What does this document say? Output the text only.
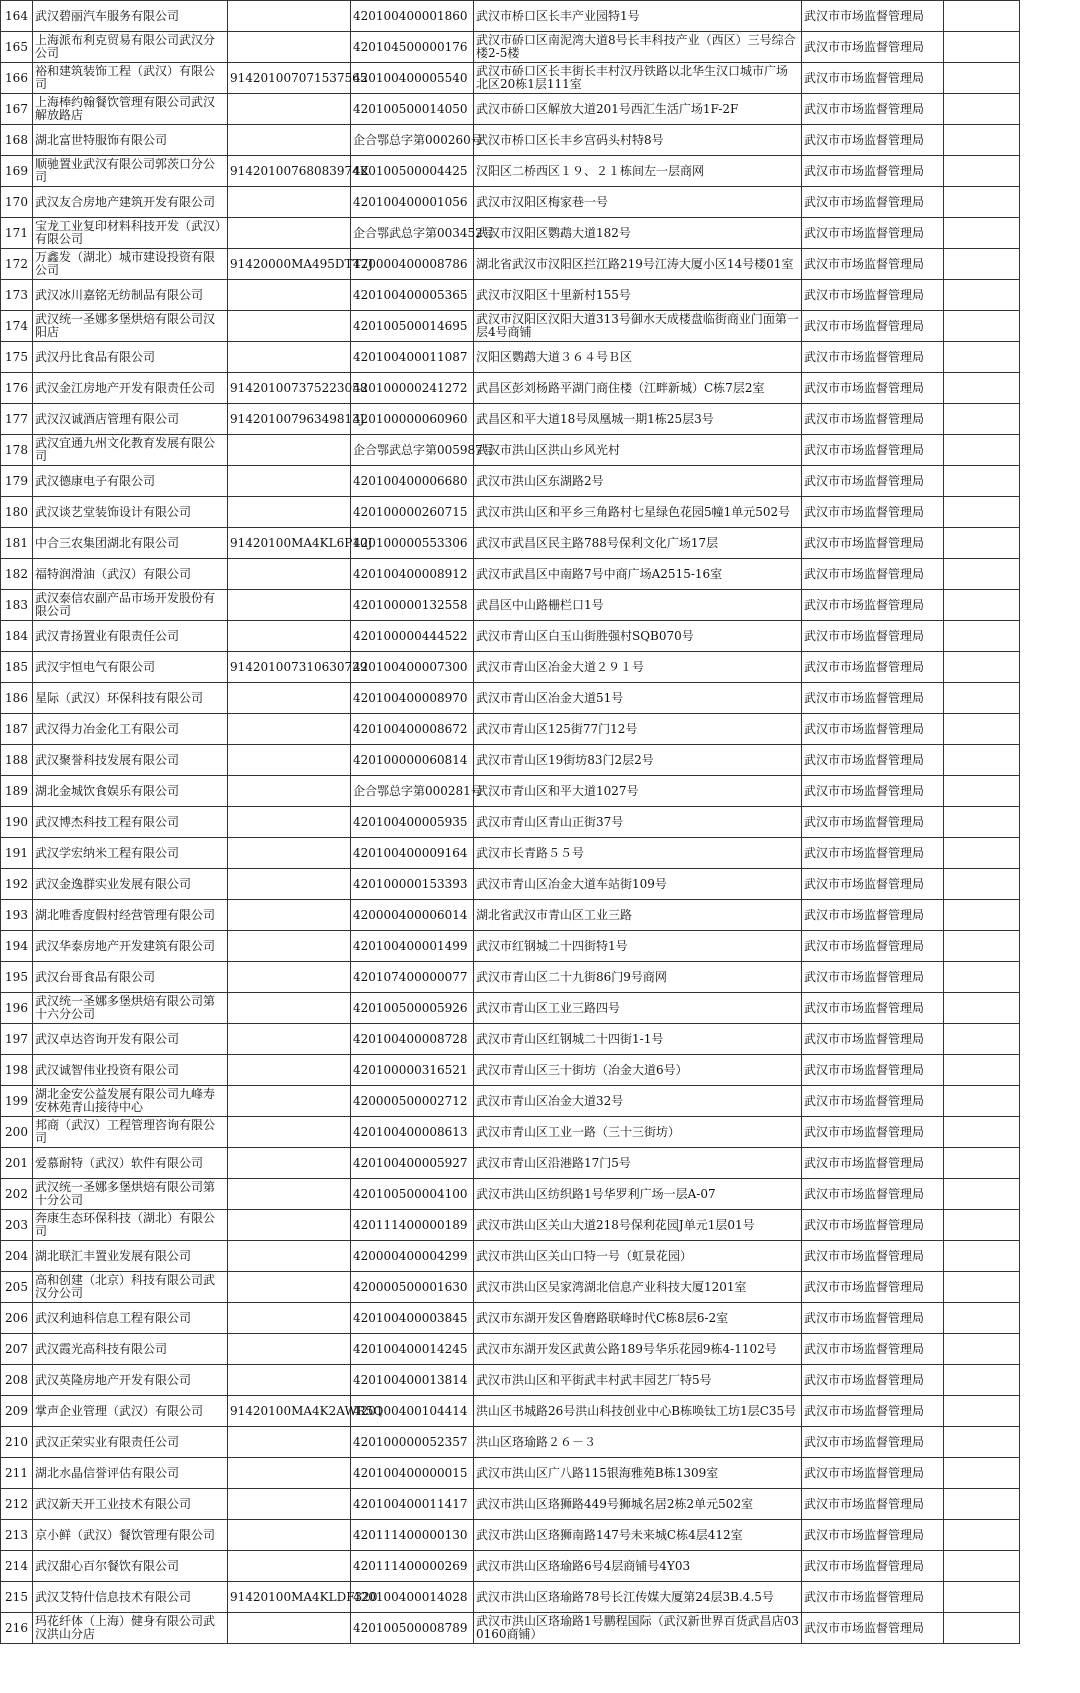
164	武汉碧丽汽车服务有限公司		420100400001860	武汉市桥口区长丰产业园特1号	武汉市市场监督管理局	
165	上海派布利克贸易有限公司武汉分公司		420104500000176	武汉市硚口区南泥湾大道8号长丰科技产业（西区）三号综合楼2-5楼	武汉市市场监督管理局	
166	裕和建筑装饰工程（武汉）有限公司	914201007071537565	420100400005540	武汉市硚口区长丰街长丰村汉丹铁路以北华生汉口城市广场北区20栋1层111室	武汉市市场监督管理局	
167	上海棒约翰餐饮管理有限公司武汉解放路店		420100500014050	武汉市硚口区解放大道201号西汇生活广场1F-2F	武汉市市场监督管理局	
168	湖北富世特服饰有限公司		企合鄂总字第000260号	武汉市桥口区长丰乡宫码头村特8号	武汉市市场监督管理局	
169	顺驰置业武汉有限公司郭茨口分公司	91420100768083974K	420100500004425	汉阳区二桥西区１９、２１栋间左一层商网	武汉市市场监督管理局	
170	武汉友合房地产建筑开发有限公司		420100400001056	武汉市汉阳区梅家巷一号	武汉市市场监督管理局	
171	宝龙工业复印材料科技开发（武汉）有限公司		企合鄂武总字第003452号	武汉市汉阳区鹦鹉大道182号	武汉市市场监督管理局	
172	万鑫发（湖北）城市建设投资有限公司	91420000MA495DTT7J	420000400008786	湖北省武汉市汉阳区拦江路219号江涛大厦小区14号楼01室	武汉市市场监督管理局	
173	武汉冰川嘉铭无纺制品有限公司		420100400005365	武汉市汉阳区十里新村155号	武汉市市场监督管理局	
174	武汉统一圣娜多堡烘焙有限公司汉阳店		420100500014695	武汉市汉阳区汉阳大道313号御水天成楼盘临街商业门面第一层4号商铺	武汉市市场监督管理局	
175	武汉丹比食品有限公司		420100400011087	汉阳区鹦鹉大道３６４号Ｂ区	武汉市市场监督管理局	
176	武汉金江房地产开发有限责任公司	914201007375223058	420100000241272	武昌区彭刘杨路平湖门商住楼（江畔新城）C栋7层2室	武汉市市场监督管理局	
177	武汉汉诚酒店管理有限公司	91420100796349813J	420100000060960	武昌区和平大道18号凤凰城一期1栋25层3号	武汉市市场监督管理局	
178	武汉宜通九州文化教育发展有限公司		企合鄂武总字第005987号	武汉市洪山区洪山乡风光村	武汉市市场监督管理局	
179	武汉德康电子有限公司		420100400006680	武汉市洪山区东湖路2号	武汉市市场监督管理局	
180	武汉谈艺堂装饰设计有限公司		420100000260715	武汉市洪山区和平乡三角路村七星绿色花园5幢1单元502号	武汉市市场监督管理局	
181	中合三农集团湖北有限公司	91420100MA4KL6P10J	420100000553306	武汉市武昌区民主路788号保利文化广场17层	武汉市市场监督管理局	
182	福特润滑油（武汉）有限公司		420100400008912	武汉市武昌区中南路7号中商广场A2515-16室	武汉市市场监督管理局	
183	武汉泰信农副产品市场开发股份有限公司		420100000132558	武昌区中山路栅栏口1号	武汉市市场监督管理局	
184	武汉青扬置业有限责任公司		420100000444522	武汉市青山区白玉山街胜强村SQB070号	武汉市市场监督管理局	
185	武汉宇恒电气有限公司	914201007310630729	420100400007300	武汉市青山区冶金大道２９１号	武汉市市场监督管理局	
186	星际（武汉）环保科技有限公司		420100400008970	武汉市青山区冶金大道51号	武汉市市场监督管理局	
187	武汉得力冶金化工有限公司		420100400008672	武汉市青山区125街77门12号	武汉市市场监督管理局	
188	武汉聚誉科技发展有限公司		420100000060814	武汉市青山区19街坊83门2层2号	武汉市市场监督管理局	
189	湖北金城饮食娱乐有限公司		企合鄂总字第000281号	武汉市青山区和平大道1027号	武汉市市场监督管理局	
190	武汉博杰科技工程有限公司		420100400005935	武汉市青山区青山正街37号	武汉市市场监督管理局	
191	武汉学宏纳米工程有限公司		420100400009164	武汉市长青路５５号	武汉市市场监督管理局	
192	武汉金逸群实业发展有限公司		420100000153393	武汉市青山区冶金大道车站街109号	武汉市市场监督管理局	
193	湖北唯香度假村经营管理有限公司		420000400006014	湖北省武汉市青山区工业三路	武汉市市场监督管理局	
194	武汉华泰房地产开发建筑有限公司		420100400001499	武汉市红钢城二十四街特1号	武汉市市场监督管理局	
195	武汉台哥食品有限公司		420107400000077	武汉市青山区二十九街86门9号商网	武汉市市场监督管理局	
196	武汉统一圣娜多堡烘焙有限公司第十六分公司		420100500005926	武汉市青山区工业三路四号	武汉市市场监督管理局	
197	武汉卓达咨询开发有限公司		420100400008728	武汉市青山区红钢城二十四街1-1号	武汉市市场监督管理局	
198	武汉诚智伟业投资有限公司		420100000316521	武汉市青山区三十街坊（冶金大道6号）	武汉市市场监督管理局	
199	湖北金安公益发展有限公司九峰寿安林苑青山接待中心		420000500002712	武汉市青山区冶金大道32号	武汉市市场监督管理局	
200	邦商（武汉）工程管理咨询有限公司		420100400008613	武汉市青山区工业一路（三十三街坊）	武汉市市场监督管理局	
201	爱慕耐特（武汉）软件有限公司		420100400005927	武汉市青山区沿港路17门5号	武汉市市场监督管理局	
202	武汉统一圣娜多堡烘焙有限公司第十分公司		420100500004100	武汉市洪山区纺织路1号华罗利广场一层A-07	武汉市市场监督管理局	
203	奔康生态环保科技（湖北）有限公司		420111400000189	武汉市洪山区关山大道218号保利花园J单元1层01号	武汉市市场监督管理局	
204	湖北联汇丰置业发展有限公司		420000400004299	武汉市洪山区关山口特一号（虹景花园）	武汉市市场监督管理局	
205	高和创建（北京）科技有限公司武汉分公司		420000500001630	武汉市洪山区吴家湾湖北信息产业科技大厦1201室	武汉市市场监督管理局	
206	武汉利迪科信息工程有限公司		420100400003845	武汉市东湖开发区鲁磨路联峰时代C栋8层6-2室	武汉市市场监督管理局	
207	武汉霞光高科技有限公司		420100400014245	武汉市东湖开发区武黄公路189号华乐花园9栋4-1102号	武汉市市场监督管理局	
208	武汉英隆房地产开发有限公司		420100400013814	武汉市洪山区和平街武丰村武丰园艺厂特5号	武汉市市场监督管理局	
209	掌声企业管理（武汉）有限公司	91420100MA4K2AWR5Q	420100400104414	洪山区书城路26号洪山科技创业中心B栋唤钛工坊1层C35号	武汉市市场监督管理局	
210	武汉正荣实业有限责任公司		420100000052357	洪山区珞瑜路２６－３	武汉市市场监督管理局	
211	湖北水晶信誉评估有限公司		420100400000015	武汉市洪山区广八路115银海雅苑B栋1309室	武汉市市场监督管理局	
212	武汉新天开工业技术有限公司		420100400011417	武汉市洪山区珞狮路449号狮城名居2栋2单元502室	武汉市市场监督管理局	
213	京小鲜（武汉）餐饮管理有限公司		420111400000130	武汉市洪山区珞狮南路147号未来城C栋4层412室	武汉市市场监督管理局	
214	武汉甜心百尔餐饮有限公司		420111400000269	武汉市洪山区珞瑜路6号4层商铺号4Y03	武汉市市场监督管理局	
215	武汉艾特什信息技术有限公司	91420100MA4KLDF320	420100400014028	武汉市洪山区珞瑜路78号长江传媒大厦第24层3B.4.5号	武汉市市场监督管理局	
216	玛花纤体（上海）健身有限公司武汉洪山分店		420100500008789	武汉市洪山区珞瑜路1号鹏程国际（武汉新世界百货武昌店030160商铺）	武汉市市场监督管理局	
